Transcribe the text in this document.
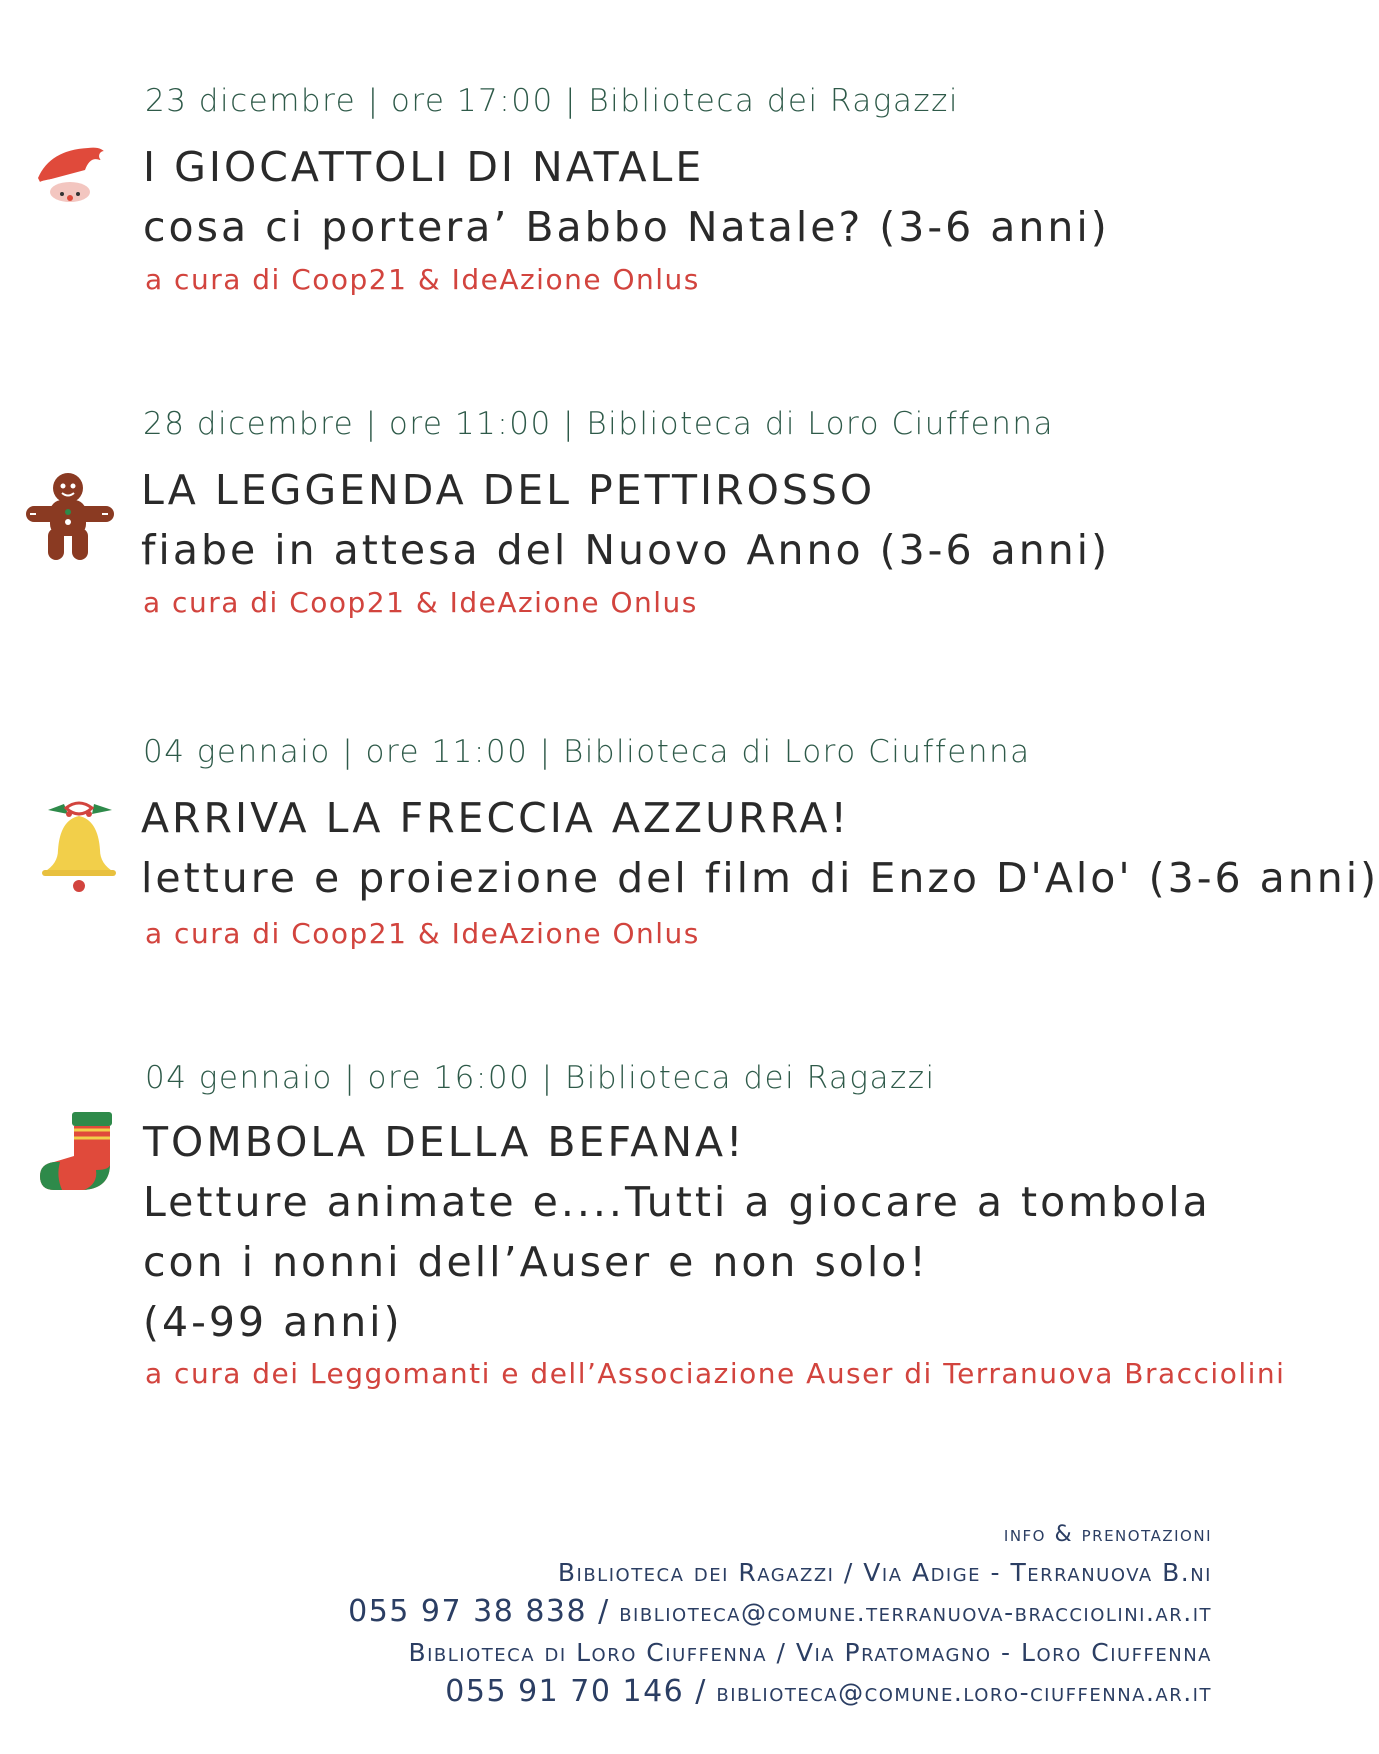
23 dicembre | ore 17:00 | Biblioteca dei Ragazzi
I GIOCATTOLI DI NATALE
cosa ci portera’ Babbo Natale? (3-6 anni)
a cura di Coop21 & IdeAzione Onlus
28 dicembre | ore 11:00 | Biblioteca di Loro Ciuffenna
LA LEGGENDA DEL PETTIROSSO
fiabe in attesa del Nuovo Anno (3-6 anni)
a cura di Coop21 & IdeAzione Onlus
04 gennaio | ore 11:00 | Biblioteca di Loro Ciuffenna
ARRIVA LA FRECCIA AZZURRA!
letture e proiezione del film di Enzo D'Alo' (3-6 anni)
a cura di Coop21 & IdeAzione Onlus
04 gennaio | ore 16:00 | Biblioteca dei Ragazzi
TOMBOLA DELLA BEFANA!
Letture animate e....Tutti a giocare a tombola
con i nonni dell’Auser e non solo!
(4-99 anni)
a cura dei Leggomanti e dell’Associazione Auser di Terranuova Bracciolini
info & prenotazioni
Biblioteca dei Ragazzi / Via Adige - Terranuova B.ni
055 97 38 838 / biblioteca@comune.terranuova-bracciolini.ar.it
Biblioteca di Loro Ciuffenna / Via Pratomagno - Loro Ciuffenna
055 91 70 146 / biblioteca@comune.loro-ciuffenna.ar.it
